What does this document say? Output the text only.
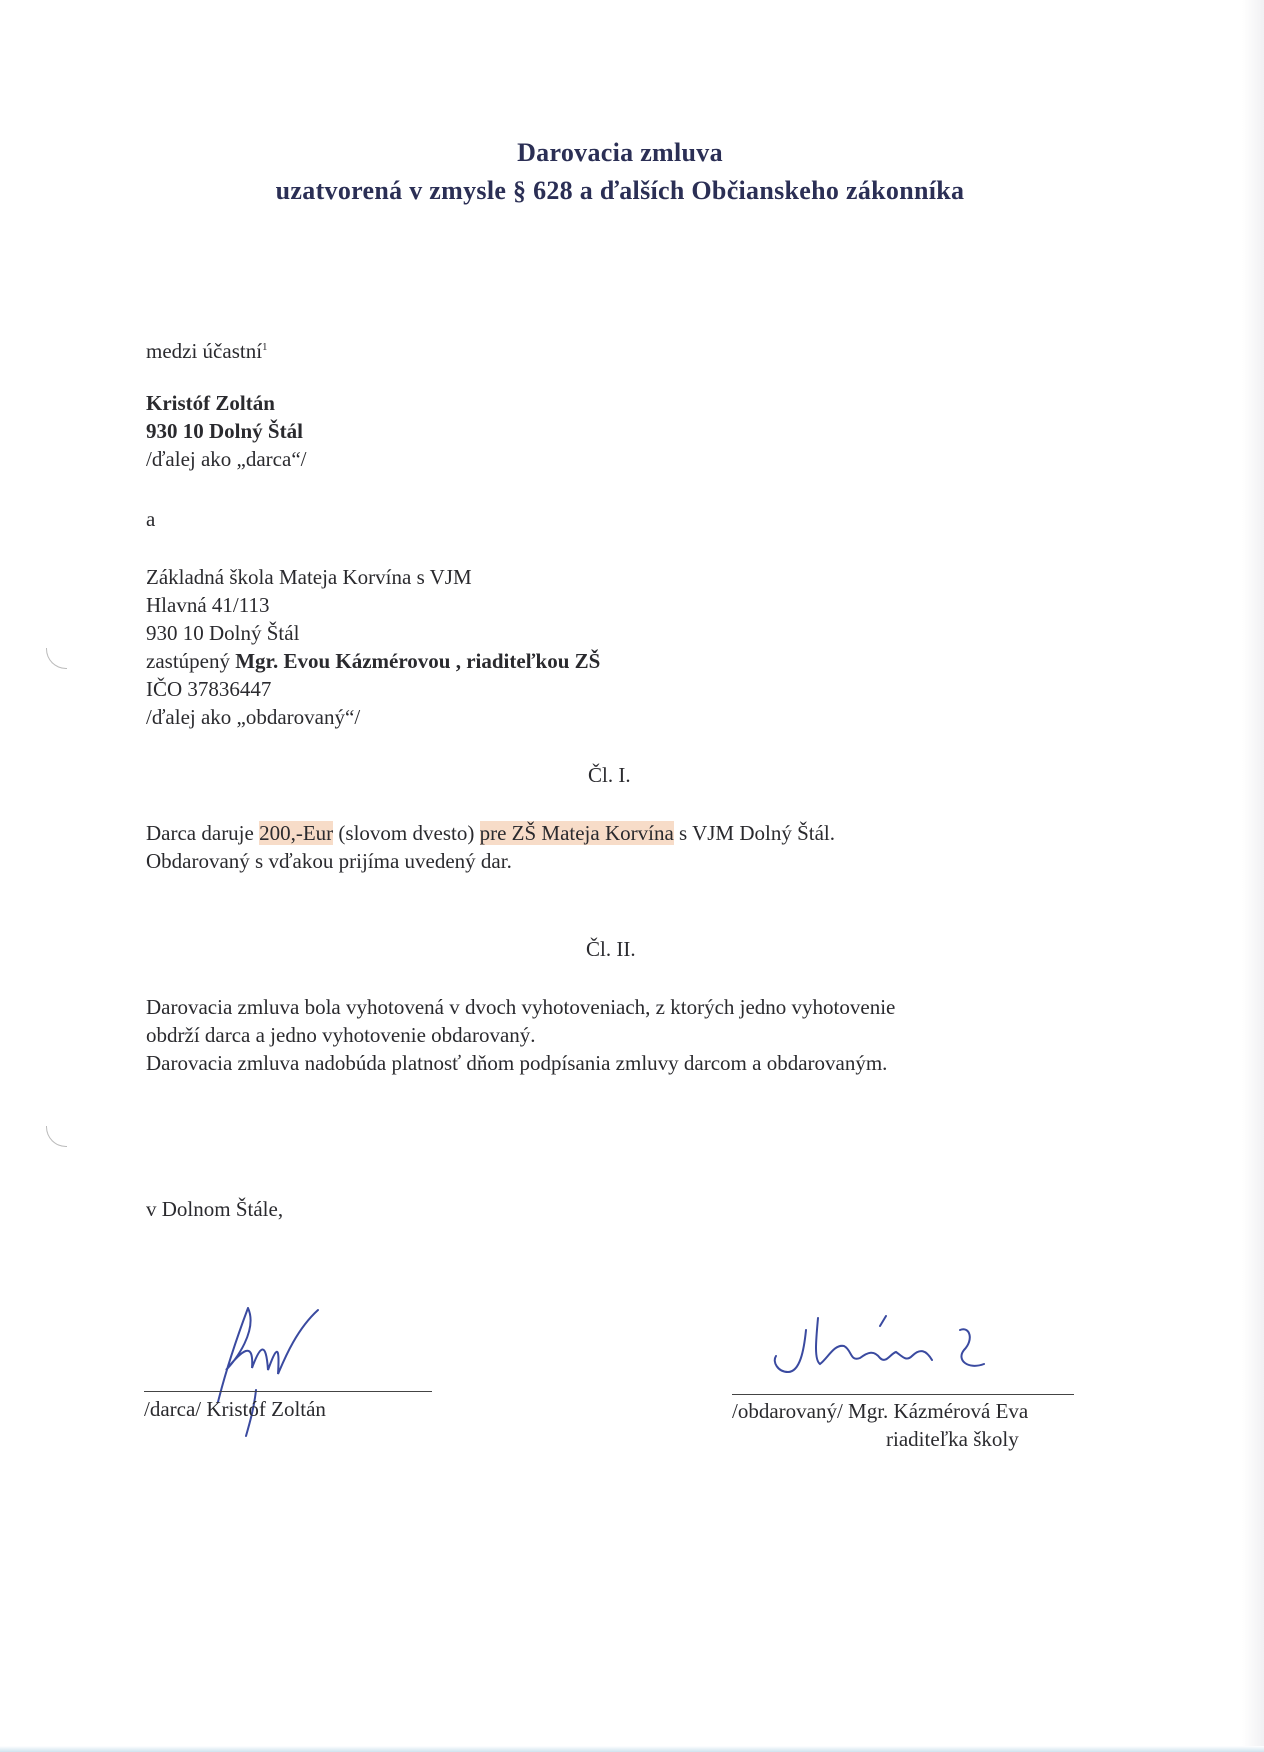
Darovacia zmluva
uzatvorená v zmysle § 628 a ďalších Občianskeho zákonníka
medzi účastní$^1$
Kristóf Zoltán
930 10 Dolný Štál
/ďalej ako „darca“/
a
Základná škola Mateja Korvína s VJM
Hlavná 41/113
930 10 Dolný Štál
zastúpený Mgr. Evou Kázmérovou , riaditeľkou ZŠ
IČO 37836447
/ďalej ako „obdarovaný“/
Čl. I.
Darca daruje 200,-Eur (slovom dvesto) pre ZŠ Mateja Korvína s VJM Dolný Štál.
Obdarovaný s vďakou prijíma uvedený dar.
Čl. II.
Darovacia zmluva bola vyhotovená v dvoch vyhotoveniach, z ktorých jedno vyhotovenie
obdrží darca a jedno vyhotovenie obdarovaný.
Darovacia zmluva nadobúda platnosť dňom podpísania zmluvy darcom a obdarovaným.
v Dolnom Štále,
/darca/ Kristóf Zoltán	/obdarovaný/ Mgr. Kázmérová Eva
riaditeľka školy
